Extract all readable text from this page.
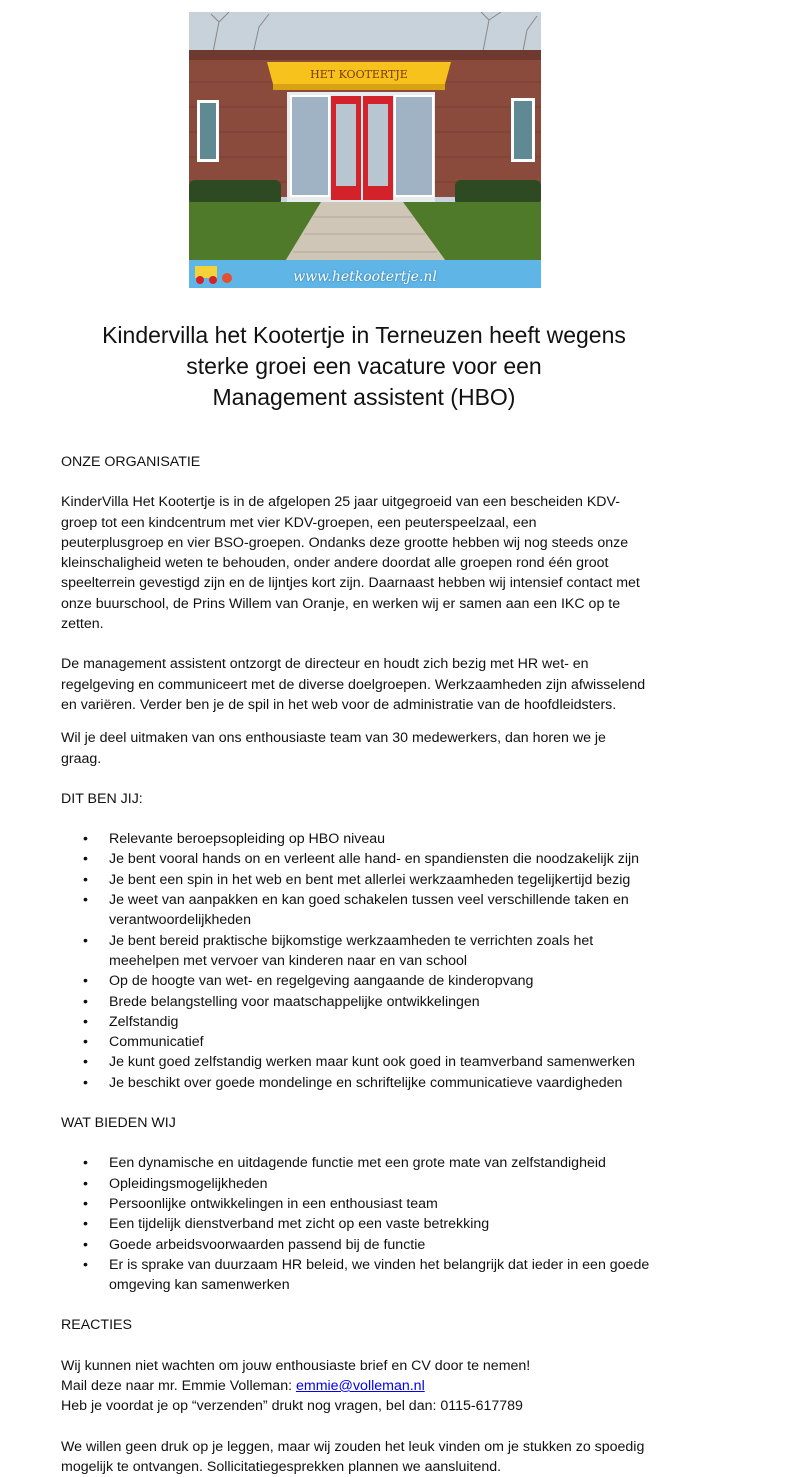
HET KOOTERTJE
www.hetkootertje.nl
Kindervilla het Kootertje in Terneuzen heeft wegens
sterke groei een vacature voor een
Management assistent (HBO)

ONZE ORGANISATIE

KinderVilla Het Kootertje is in de afgelopen 25 jaar uitgegroeid van een bescheiden KDV-
groep tot een kindcentrum met vier KDV-groepen, een peuterspeelzaal, een
peuterplusgroep en vier BSO-groepen. Ondanks deze grootte hebben wij nog steeds onze
kleinschaligheid weten te behouden, onder andere doordat alle groepen rond één groot
speelterrein gevestigd zijn en de lijntjes kort zijn. Daarnaast hebben wij intensief contact met
onze buurschool, de Prins Willem van Oranje, en werken wij er samen aan een IKC op te
zetten.

De management assistent ontzorgt de directeur en houdt zich bezig met HR wet- en
regelgeving en communiceert met de diverse doelgroepen. Werkzaamheden zijn afwisselend
en variëren. Verder ben je de spil in het web voor de administratie van de hoofdleidsters.

Wil je deel uitmaken van ons enthousiaste team van 30 medewerkers, dan horen we je
graag.

DIT BEN JIJ:

• Relevante beroepsopleiding op HBO niveau
• Je bent vooral hands on en verleent alle hand- en spandiensten die noodzakelijk zijn
• Je bent een spin in het web en bent met allerlei werkzaamheden tegelijkertijd bezig
• Je weet van aanpakken en kan goed schakelen tussen veel verschillende taken en
verantwoordelijkheden
• Je bent bereid praktische bijkomstige werkzaamheden te verrichten zoals het
meehelpen met vervoer van kinderen naar en van school
• Op de hoogte van wet- en regelgeving aangaande de kinderopvang
• Brede belangstelling voor maatschappelijke ontwikkelingen
• Zelfstandig
• Communicatief
• Je kunt goed zelfstandig werken maar kunt ook goed in teamverband samenwerken
• Je beschikt over goede mondelinge en schriftelijke communicatieve vaardigheden

WAT BIEDEN WIJ

• Een dynamische en uitdagende functie met een grote mate van zelfstandigheid
• Opleidingsmogelijkheden
• Persoonlijke ontwikkelingen in een enthousiast team
• Een tijdelijk dienstverband met zicht op een vaste betrekking
• Goede arbeidsvoorwaarden passend bij de functie
• Er is sprake van duurzaam HR beleid, we vinden het belangrijk dat ieder in een goede
omgeving kan samenwerken

REACTIES

Wij kunnen niet wachten om jouw enthousiaste brief en CV door te nemen!
Mail deze naar mr. Emmie Volleman: emmie@volleman.nl
Heb je voordat je op “verzenden” drukt nog vragen, bel dan: 0115-617789

We willen geen druk op je leggen, maar wij zouden het leuk vinden om je stukken zo spoedig
mogelijk te ontvangen. Sollicitatiegesprekken plannen we aansluitend.
